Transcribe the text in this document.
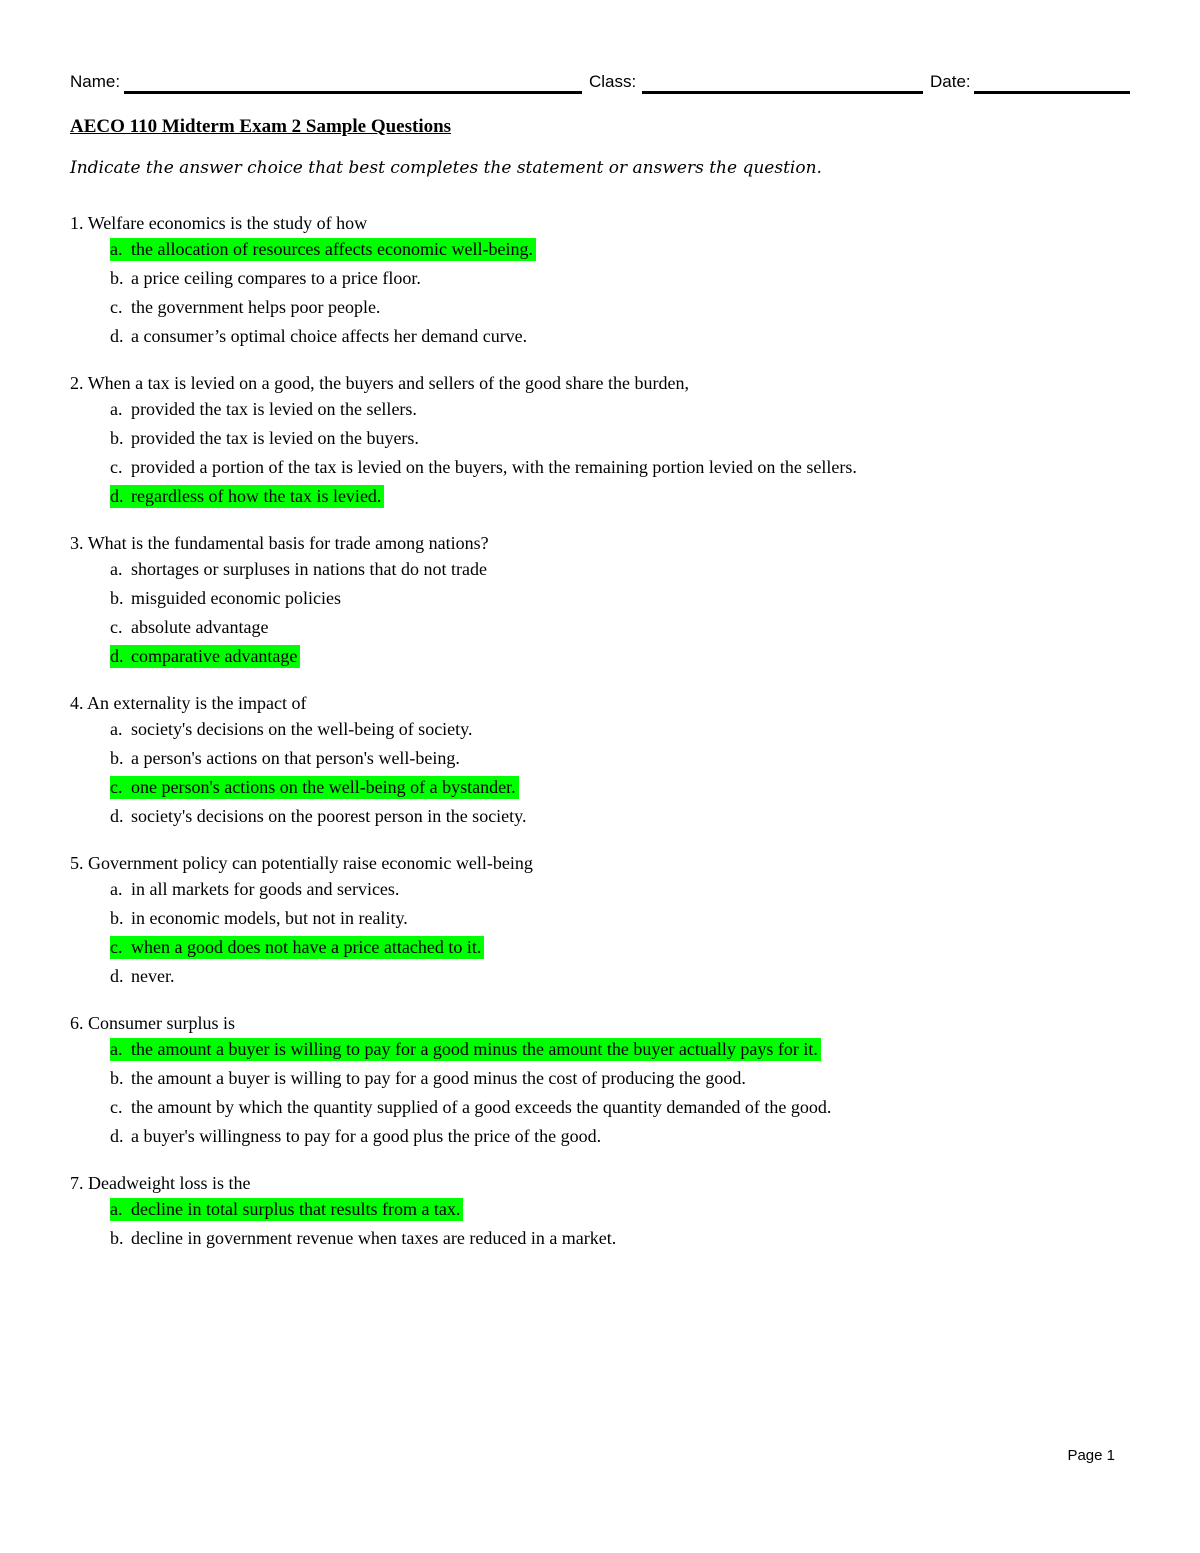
Name:	Class:	Date:
AECO 110 Midterm Exam 2 Sample Questions

Indicate the answer choice that best completes the statement or answers the question.

1. Welfare economics is the study of how
a. the allocation of resources affects economic well-being.
b. a price ceiling compares to a price floor.
c. the government helps poor people.
d. a consumer’s optimal choice affects her demand curve.
2. When a tax is levied on a good, the buyers and sellers of the good share the burden,
a. provided the tax is levied on the sellers.
b. provided the tax is levied on the buyers.
c. provided a portion of the tax is levied on the buyers, with the remaining portion levied on the sellers.
d. regardless of how the tax is levied.
3. What is the fundamental basis for trade among nations?
a. shortages or surpluses in nations that do not trade
b. misguided economic policies
c. absolute advantage
d. comparative advantage
4. An externality is the impact of
a. society's decisions on the well-being of society.
b. a person's actions on that person's well-being.
c. one person's actions on the well-being of a bystander.
d. society's decisions on the poorest person in the society.
5. Government policy can potentially raise economic well-being
a. in all markets for goods and services.
b. in economic models, but not in reality.
c. when a good does not have a price attached to it.
d. never.
6. Consumer surplus is
a. the amount a buyer is willing to pay for a good minus the amount the buyer actually pays for it.
b. the amount a buyer is willing to pay for a good minus the cost of producing the good.
c. the amount by which the quantity supplied of a good exceeds the quantity demanded of the good.
d. a buyer's willingness to pay for a good plus the price of the good.
7. Deadweight loss is the
a. decline in total surplus that results from a tax.
b. decline in government revenue when taxes are reduced in a market.
Page 1
